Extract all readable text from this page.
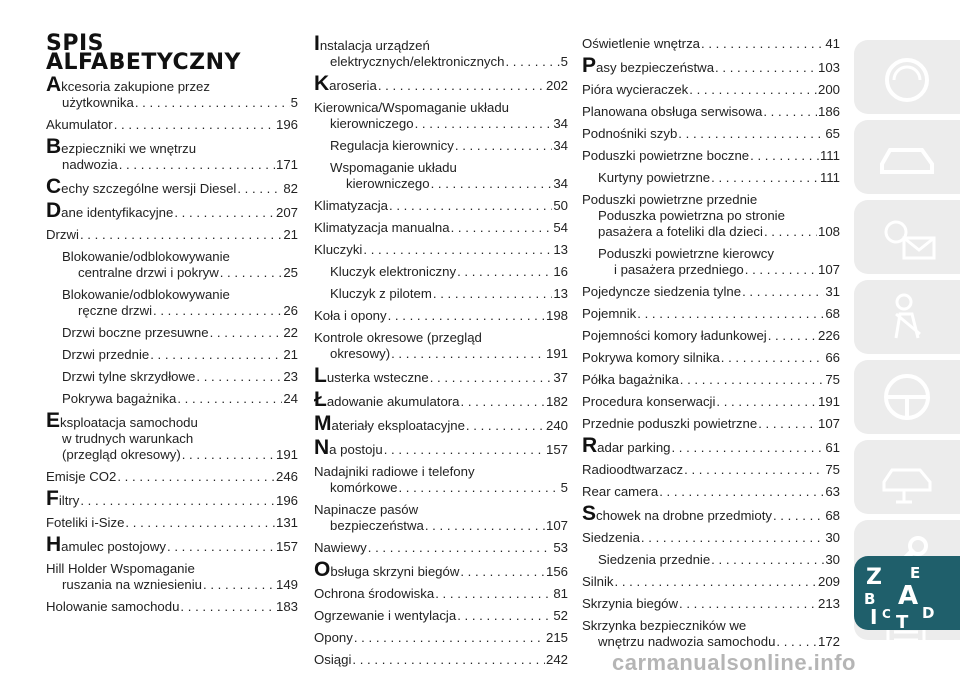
SPIS
ALFABETYCZNY
A kcesoria zakupione przez
użytkownika . . .	5
Akumulator . . .	196
B ezpieczniki we wnętrzu
nadwozia . . .	171
C echy szczególne wersji Diesel . . .	82
D ane identyfikacyjne . . .	207
Drzwi . . .	21
Blokowanie/odblokowywanie
centralne drzwi i pokryw . . .	25
Blokowanie/odblokowywanie
ręczne drzwi . . .	26
Drzwi boczne przesuwne . . .	22
Drzwi przednie . . .	21
Drzwi tylne skrzydłowe . . .	23
Pokrywa bagażnika . . .	24
E ksploatacja samochodu
w trudnych warunkach
(przegląd okresowy) . . .	191
Emisje CO2 . . .	246
F iltry . . .	196
Foteliki i-Size . . .	131
H amulec postojowy . . .	157
Hill Holder Wspomaganie
ruszania na wzniesieniu . . .	149
Holowanie samochodu . . .	183
I nstalacja urządzeń
elektrycznych/elektronicznych . . .	5
K aroseria . . .	202
Kierownica/Wspomaganie układu
kierowniczego . . .	34
Regulacja kierownicy . . .	34
Wspomaganie układu
kierowniczego . . .	34
Klimatyzacja . . .	50
Klimatyzacja manualna . . .	54
Kluczyki . . .	13
Kluczyk elektroniczny . . .	16
Kluczyk z pilotem . . .	13
Koła i opony . . .	198
Kontrole okresowe (przegląd
okresowy) . . .	191
L usterka wsteczne . . .	37
Ł adowanie akumulatora . . .	182
M ateriały eksploatacyjne . . .	240
N a postoju . . .	157
Nadajniki radiowe i telefony
komórkowe . . .	5
Napinacze pasów
bezpieczeństwa . . .	107
Nawiewy . . .	53
O bsługa skrzyni biegów . . .	156
Ochrona środowiska . . .	81
Ogrzewanie i wentylacja . . .	52
Opony . . .	215
Osiągi . . .	242
Oświetlenie wnętrza . . .	41
P asy bezpieczeństwa . . .	103
Pióra wycieraczek . . .	200
Planowana obsługa serwisowa . . .	186
Podnośniki szyb . . .	65
Poduszki powietrzne boczne . . .	111
Kurtyny powietrzne . . .	111
Poduszki powietrzne przednie
Poduszka powietrzna po stronie
pasażera a foteliki dla dzieci . . .	108
Poduszki powietrzne kierowcy
i pasażera przedniego . . .	107
Pojedyncze siedzenia tylne . . .	31
Pojemnik . . .	68
Pojemności komory ładunkowej . . .	226
Pokrywa komory silnika . . .	66
Półka bagażnika . . .	75
Procedura konserwacji . . .	191
Przednie poduszki powietrzne . . .	107
R adar parking . . .	61
Radioodtwarzacz . . .	75
Rear camera . . .	63
S chowek na drobne przedmioty . . .	68
Siedzenia . . .	30
Siedzenia przednie . . .	30
Silnik . . .	209
Skrzynia biegów . . .	213
Skrzynka bezpieczników we
wnętrzu nadwozia samochodu . . .	172
Z E
B A
C D
I T
carmanualsonline.info
